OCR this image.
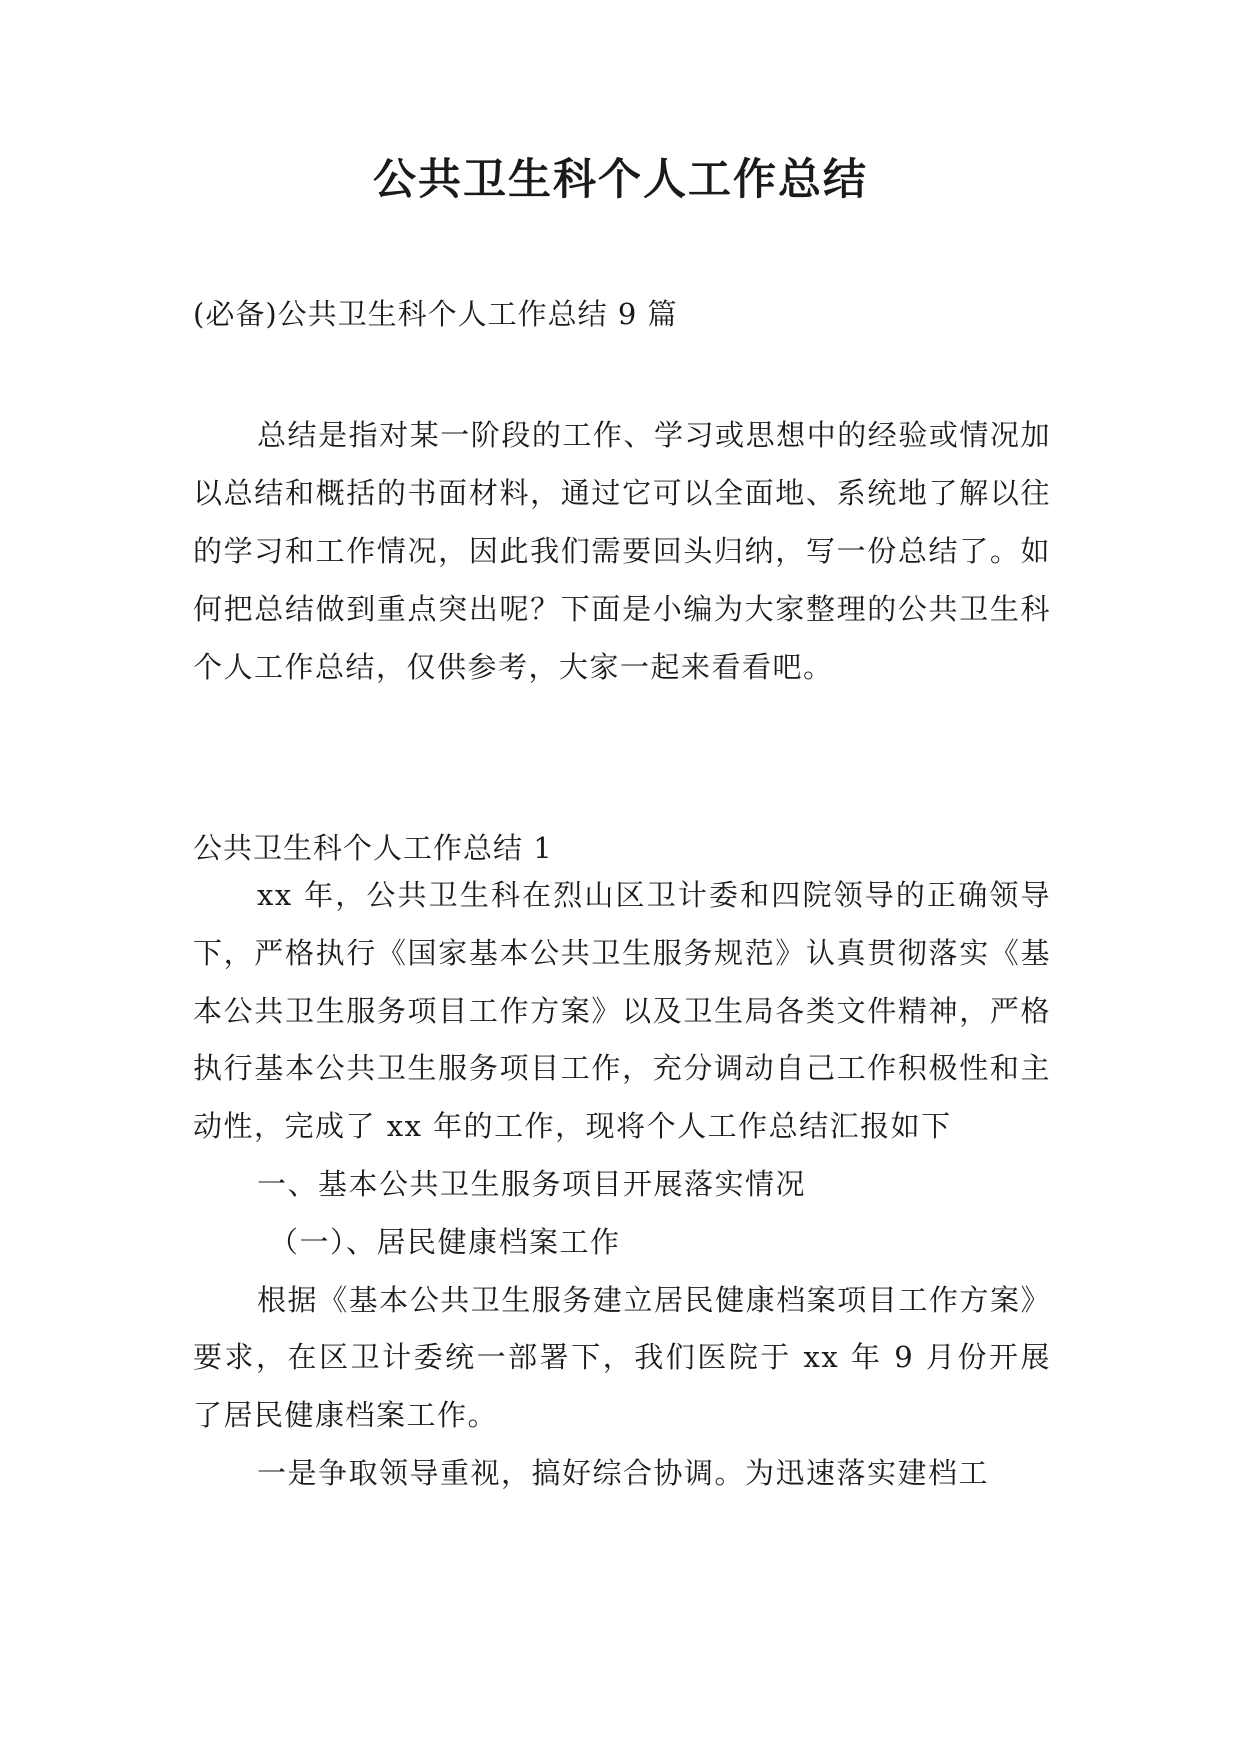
公共卫生科个人工作总结

(必备)公共卫生科个人工作总结 9 篇

总结是指对某一阶段的工作、学习或思想中的经验或情况加以总结和概括的书面材料，通过它可以全面地、系统地了解以往的学习和工作情况，因此我们需要回头归纳，写一份总结了。如何把总结做到重点突出呢？下面是小编为大家整理的公共卫生科个人工作总结，仅供参考，大家一起来看看吧。

公共卫生科个人工作总结 1

xx 年，公共卫生科在烈山区卫计委和四院领导的正确领导下，严格执行《国家基本公共卫生服务规范》认真贯彻落实《基本公共卫生服务项目工作方案》以及卫生局各类文件精神，严格执行基本公共卫生服务项目工作，充分调动自己工作积极性和主动性，完成了 xx 年的工作，现将个人工作总结汇报如下

一、基本公共卫生服务项目开展落实情况

（一）、居民健康档案工作

根据《基本公共卫生服务建立居民健康档案项目工作方案》要求，在区卫计委统一部署下，我们医院于 xx 年 9 月份开展了居民健康档案工作。

一是争取领导重视，搞好综合协调。为迅速落实建档工
